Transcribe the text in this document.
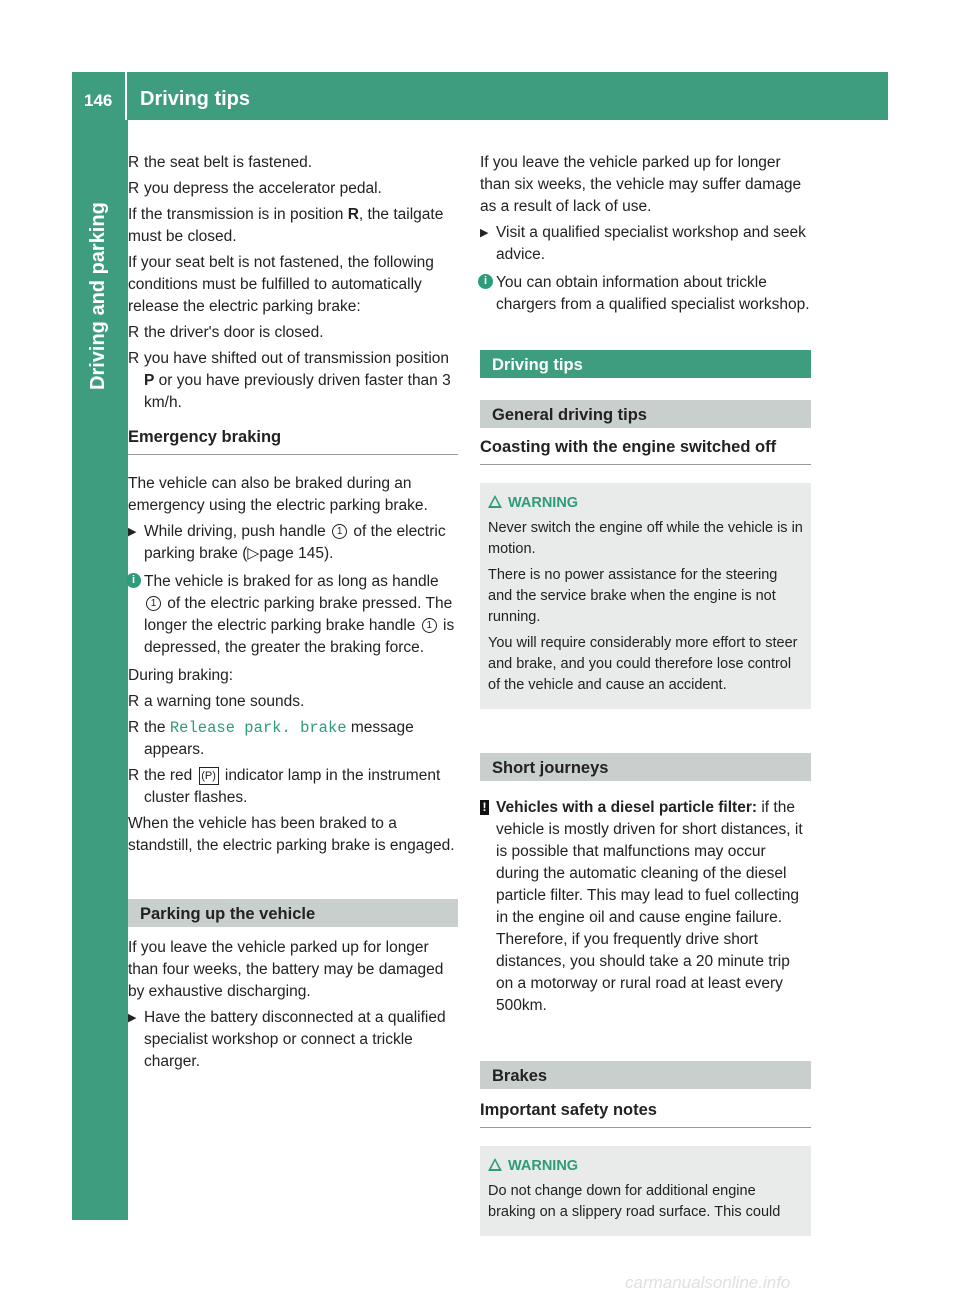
146 Driving tips
Driving and parking
R the seat belt is fastened.
R you depress the accelerator pedal.

If the transmission is in position R, the tailgate must be closed.

If your seat belt is not fastened, the following conditions must be fulfilled to automatically release the electric parking brake:

R the driver's door is closed.
R you have shifted out of transmission position P or you have previously driven faster than 3 km/h.
Emergency braking

The vehicle can also be braked during an emergency using the electric parking brake.

▶ While driving, push handle 1 of the electric parking brake (▷page 145).
i The vehicle is braked for as long as handle 1 of the electric parking brake pressed. The longer the electric parking brake handle 1 is depressed, the greater the braking force.

During braking:

R a warning tone sounds.
R the Release park. brake message appears.
R the red (P) indicator lamp in the instrument cluster flashes.

When the vehicle has been braked to a standstill, the electric parking brake is engaged.

Parking up the vehicle

If you leave the vehicle parked up for longer than four weeks, the battery may be damaged by exhaustive discharging.

▶ Have the battery disconnected at a qualified specialist workshop or connect a trickle charger.

If you leave the vehicle parked up for longer than six weeks, the vehicle may suffer damage as a result of lack of use.

▶ Visit a qualified specialist workshop and seek advice.
i You can obtain information about trickle chargers from a qualified specialist workshop.
Driving tips
General driving tips
Coasting with the engine switched off
WARNING

Never switch the engine off while the vehicle is in motion.

There is no power assistance for the steering and the service brake when the engine is not running.

You will require considerably more effort to steer and brake, and you could therefore lose control of the vehicle and cause an accident.

Short journeys
! Vehicles with a diesel particle filter: if the vehicle is mostly driven for short distances, it is possible that malfunctions may occur during the automatic cleaning of the diesel particle filter. This may lead to fuel collecting in the engine oil and cause engine failure. Therefore, if you frequently drive short distances, you should take a 20 minute trip on a motorway or rural road at least every 500km.
Brakes
Important safety notes
WARNING

Do not change down for additional engine braking on a slippery road surface. This could

carmanualsonline.info
